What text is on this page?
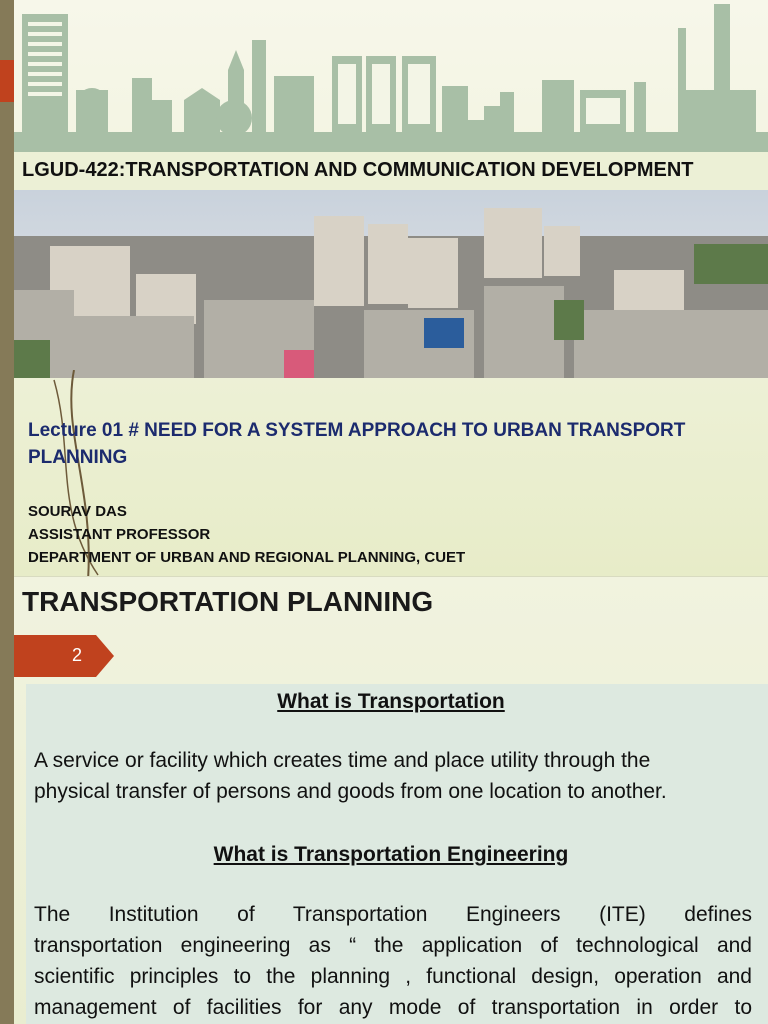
LGUD-422:TRANSPORTATION AND COMMUNICATION DEVELOPMENT
Lecture 01 # NEED FOR A SYSTEM APPROACH TO URBAN TRANSPORT PLANNING
SOURAV DAS
ASSISTANT PROFESSOR
DEPARTMENT OF URBAN AND REGIONAL PLANNING, CUET
TRANSPORTATION PLANNING
2
What is Transportation
A service or facility which creates time and place utility through the
physical transfer of persons and goods from one location to another.
What is Transportation Engineering
The Institution of Transportation Engineers (ITE) defines
transportation engineering as “ the application of technological and
scientific principles to the planning , functional design, operation and
management of facilities for any mode of transportation in order to
